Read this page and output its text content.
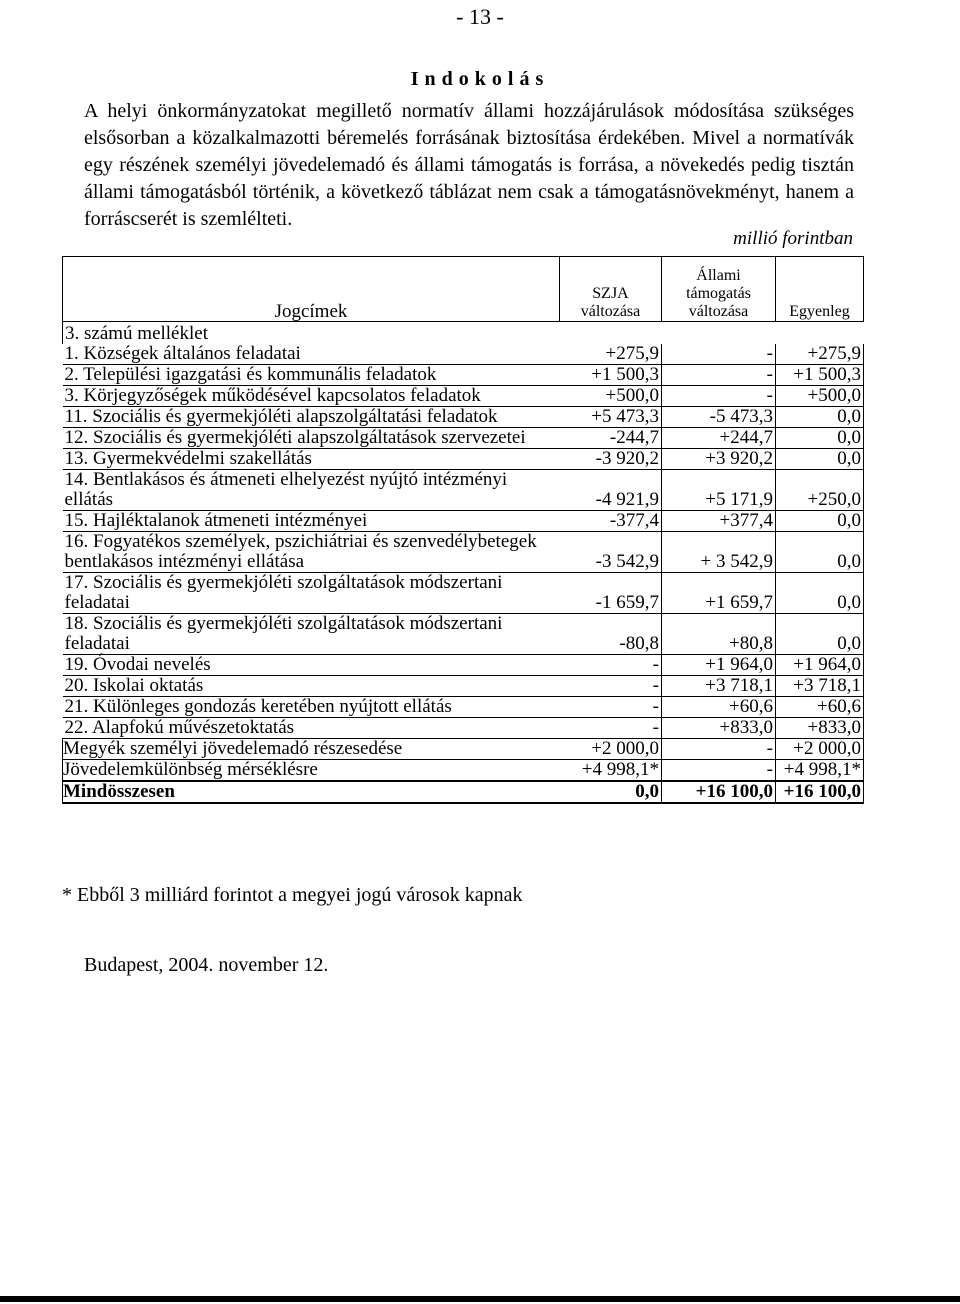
- 13 -
Indokolás
A helyi önkormányzatokat megillető normatív állami hozzájárulások módosítása szükséges elsősorban a közalkalmazotti béremelés forrásának biztosítása érdekében. Mivel a normatívák egy részének személyi jövedelemadó és állami támogatás is forrása, a növekedés pedig tisztán állami támogatásból történik, a következő táblázat nem csak a támogatásnövekményt, hanem a forráscserét is szemlélteti.
millió forintban
Jogcímek	SZJA változása	Állami támogatás változása	Egyenleg
3. számú melléklet			
1. Községek általános feladatai	+275,9	-	+275,9
2. Települési igazgatási és kommunális feladatok	+1 500,3	-	+1 500,3
3. Körjegyzőségek működésével kapcsolatos feladatok	+500,0	-	+500,0
11. Szociális és gyermekjóléti alapszolgáltatási feladatok	+5 473,3	-5 473,3	0,0
12. Szociális és gyermekjóléti alapszolgáltatások szervezetei	-244,7	+244,7	0,0
13. Gyermekvédelmi szakellátás	-3 920,2	+3 920,2	0,0
14. Bentlakásos és átmeneti elhelyezést nyújtó intézményi ellátás	-4 921,9	+5 171,9	+250,0
15. Hajléktalanok átmeneti intézményei	-377,4	+377,4	0,0
16. Fogyatékos személyek, pszichiátriai és szenvedélybetegek bentlakásos intézményi ellátása	-3 542,9	+ 3 542,9	0,0
17. Szociális és gyermekjóléti szolgáltatások módszertani feladatai	-1 659,7	+1 659,7	0,0
18. Szociális és gyermekjóléti szolgáltatások módszertani feladatai	-80,8	+80,8	0,0
19. Óvodai nevelés	-	+1 964,0	+1 964,0
20. Iskolai oktatás	-	+3 718,1	+3 718,1
21. Különleges gondozás keretében nyújtott ellátás	-	+60,6	+60,6
22. Alapfokú művészetoktatás	-	+833,0	+833,0
Megyék személyi jövedelemadó részesedése	+2 000,0	-	+2 000,0
Jövedelemkülönbség mérséklésre	+4 998,1*	-	+4 998,1*
Mindösszesen	0,0	+16 100,0	+16 100,0
* Ebből 3 milliárd forintot a megyei jogú városok kapnak
Budapest, 2004. november 12.
